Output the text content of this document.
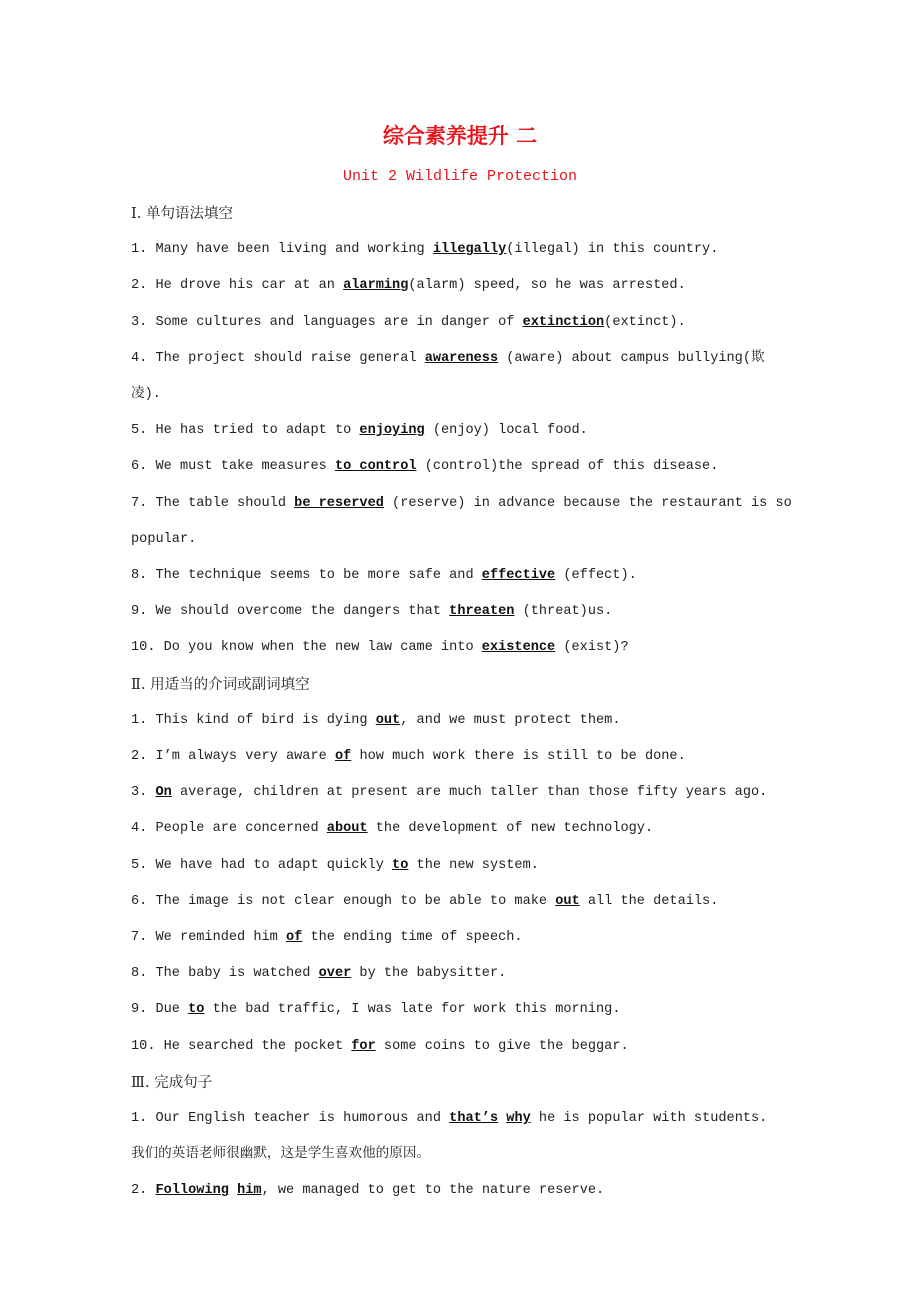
综合素养提升 二
Unit 2 Wildlife Protection
Ⅰ. 单句语法填空
1. Many have been living and working illegally(illegal) in this country.
2. He drove his car at an alarming(alarm) speed, so he was arrested.
3. Some cultures and languages are in danger of extinction(extinct).
4. The project should raise general awareness (aware) about campus bullying(欺凌).
5. He has tried to adapt to enjoying (enjoy) local food.
6. We must take measures to control (control)the spread of this disease.
7. The table should be reserved (reserve) in advance because the restaurant is so popular.
8. The technique seems to be more safe and effective (effect).
9. We should overcome the dangers that threaten (threat)us.
10. Do you know when the new law came into existence (exist)?
Ⅱ. 用适当的介词或副词填空
1. This kind of bird is dying out, and we must protect them.
2. I’m always very aware of how much work there is still to be done.
3. On average, children at present are much taller than those fifty years ago.
4. People are concerned about the development of new technology.
5. We have had to adapt quickly to the new system.
6. The image is not clear enough to be able to make out all the details.
7. We reminded him of the ending time of speech.
8. The baby is watched over by the babysitter.
9. Due to the bad traffic, I was late for work this morning.
10. He searched the pocket for some coins to give the beggar.
Ⅲ. 完成句子
1. Our English teacher is humorous and that’s why he is popular with students.
我们的英语老师很幽默，这是学生喜欢他的原因。
2. Following him, we managed to get to the nature reserve.
